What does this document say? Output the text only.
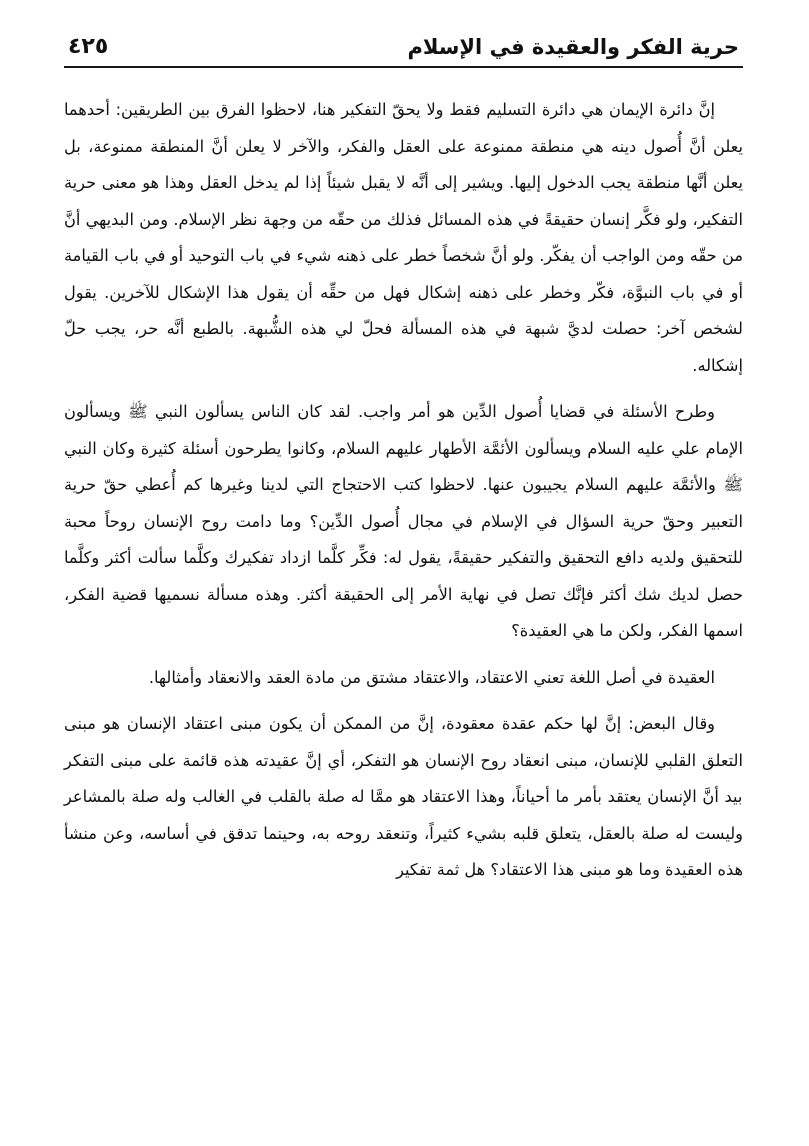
حرية الفكر والعقيدة في الإسلام
٤٢٥

إنَّ دائرة الإيمان هي دائرة التسليم فقط ولا يحقّ التفكير هنا، لاحظوا الفرق بين الطريقين: أحدهما يعلن أنَّ أُصول دينه هي منطقة ممنوعة على العقل والفكر، والآخر لا يعلن أنَّ المنطقة ممنوعة، بل يعلن أنَّها منطقة يجب الدخول إليها. ويشير إلى أنَّه لا يقبل شيئاً إذا لم يدخل العقل وهذا هو معنى حرية التفكير، ولو فكَّر إنسان حقيقةً في هذه المسائل فذلك من حقّه من وجهة نظر الإسلام. ومن البديهي أنَّ من حقّه ومن الواجب أن يفكّر. ولو أنَّ شخصاً خطر على ذهنه شيء في باب التوحيد أو في باب القيامة أو في باب النبوَّة، فكّر وخطر على ذهنه إشكال فهل من حقِّه أن يقول هذا الإشكال للآخرين. يقول لشخص آخر: حصلت لديَّ شبهة في هذه المسألة فحلّ لي هذه الشُّبهة. بالطبع أنَّه حر، يجب حلّ إشكاله.

وطرح الأسئلة في قضايا أُصول الدِّين هو أمر واجب. لقد كان الناس يسألون النبي ﷺ ويسألون الإمام علي عليه السلام ويسألون الأئمَّة الأطهار عليهم السلام، وكانوا يطرحون أسئلة كثيرة وكان النبي ﷺ والأئمَّة عليهم السلام يجيبون عنها. لاحظوا كتب الاحتجاج التي لدينا وغيرها كم أُعطي حقّ حرية التعبير وحقّ حرية السؤال في الإسلام في مجال أُصول الدِّين؟ وما دامت روح الإنسان روحاً محبة للتحقيق ولديه دافع التحقيق والتفكير حقيقةً، يقول له: فكِّر كلَّما ازداد تفكيرك وكلَّما سألت أكثر وكلَّما حصل لديك شك أكثر فإنَّك تصل في نهاية الأمر إلى الحقيقة أكثر. وهذه مسألة نسميها قضية الفكر، اسمها الفكر، ولكن ما هي العقيدة؟

العقيدة في أصل اللغة تعني الاعتقاد، والاعتقاد مشتق من مادة العقد والانعقاد وأمثالها.

وقال البعض: إنَّ لها حكم عقدة معقودة، إنَّ من الممكن أن يكون مبنى اعتقاد الإنسان هو مبنى التعلق القلبي للإنسان، مبنى انعقاد روح الإنسان هو التفكر، أي إنَّ عقيدته هذه قائمة على مبنى التفكر بيد أنَّ الإنسان يعتقد بأمر ما أحياناً، وهذا الاعتقاد هو ممَّا له صلة بالقلب في الغالب وله صلة بالمشاعر وليست له صلة بالعقل، يتعلق قلبه بشيء كثيراً، وتنعقد روحه به، وحينما تدقق في أساسه، وعن منشأ هذه العقيدة وما هو مبنى هذا الاعتقاد؟ هل ثمة تفكير
